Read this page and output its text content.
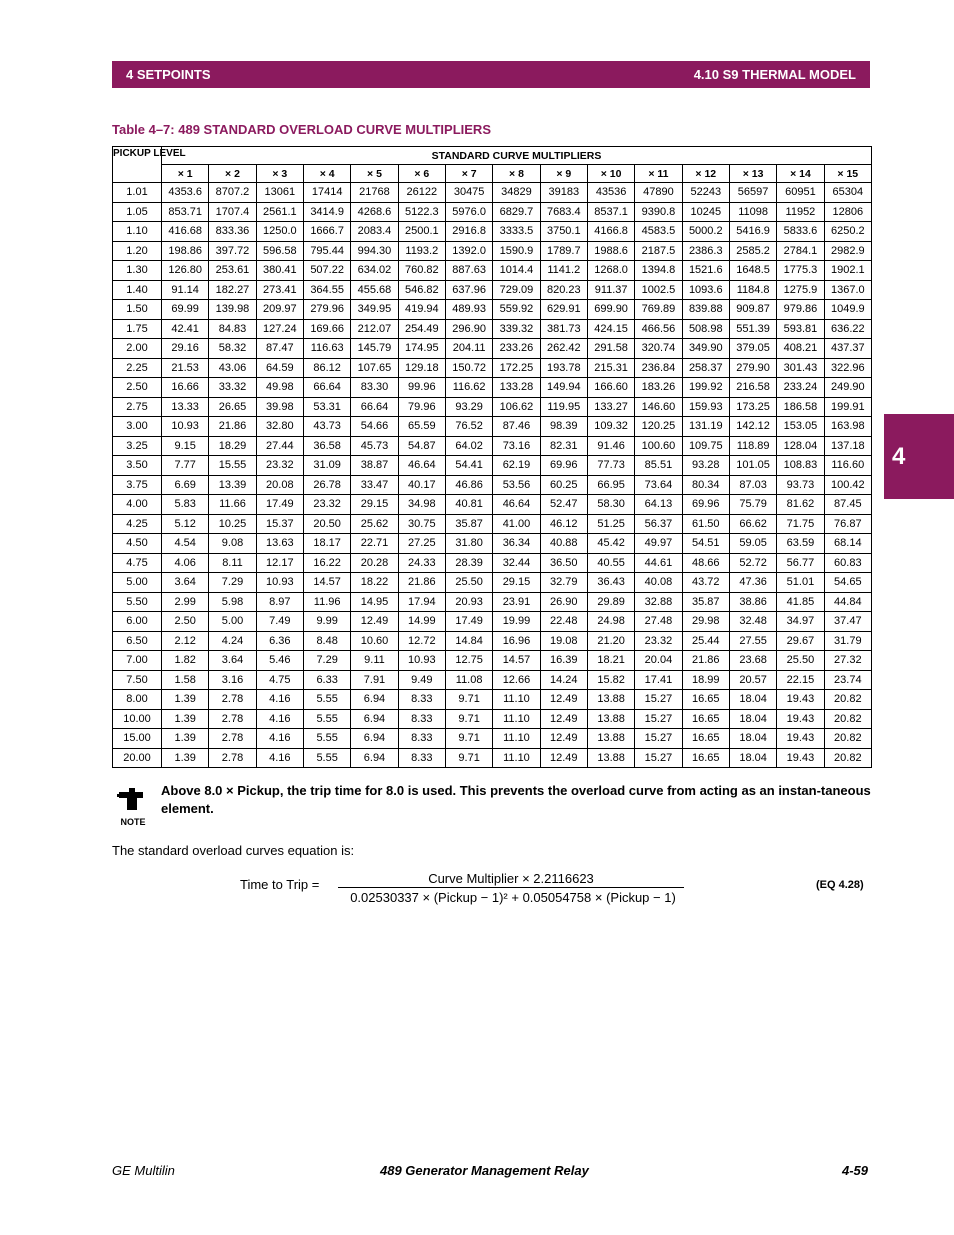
4 SETPOINTS	4.10 S9 THERMAL MODEL
4
Table 4–7: 489 STANDARD OVERLOAD CURVE MULTIPLIERS
PICKUP LEVEL	STANDARD CURVE MULTIPLIERS														
	× 1	× 2	× 3	× 4	× 5	× 6	× 7	× 8	× 9	× 10	× 11	× 12	× 13	× 14	× 15
1.01	4353.6	8707.2	13061	17414	21768	26122	30475	34829	39183	43536	47890	52243	56597	60951	65304
1.05	853.71	1707.4	2561.1	3414.9	4268.6	5122.3	5976.0	6829.7	7683.4	8537.1	9390.8	10245	11098	11952	12806
1.10	416.68	833.36	1250.0	1666.7	2083.4	2500.1	2916.8	3333.5	3750.1	4166.8	4583.5	5000.2	5416.9	5833.6	6250.2
1.20	198.86	397.72	596.58	795.44	994.30	1193.2	1392.0	1590.9	1789.7	1988.6	2187.5	2386.3	2585.2	2784.1	2982.9
1.30	126.80	253.61	380.41	507.22	634.02	760.82	887.63	1014.4	1141.2	1268.0	1394.8	1521.6	1648.5	1775.3	1902.1
1.40	91.14	182.27	273.41	364.55	455.68	546.82	637.96	729.09	820.23	911.37	1002.5	1093.6	1184.8	1275.9	1367.0
1.50	69.99	139.98	209.97	279.96	349.95	419.94	489.93	559.92	629.91	699.90	769.89	839.88	909.87	979.86	1049.9
1.75	42.41	84.83	127.24	169.66	212.07	254.49	296.90	339.32	381.73	424.15	466.56	508.98	551.39	593.81	636.22
2.00	29.16	58.32	87.47	116.63	145.79	174.95	204.11	233.26	262.42	291.58	320.74	349.90	379.05	408.21	437.37
2.25	21.53	43.06	64.59	86.12	107.65	129.18	150.72	172.25	193.78	215.31	236.84	258.37	279.90	301.43	322.96
2.50	16.66	33.32	49.98	66.64	83.30	99.96	116.62	133.28	149.94	166.60	183.26	199.92	216.58	233.24	249.90
2.75	13.33	26.65	39.98	53.31	66.64	79.96	93.29	106.62	119.95	133.27	146.60	159.93	173.25	186.58	199.91
3.00	10.93	21.86	32.80	43.73	54.66	65.59	76.52	87.46	98.39	109.32	120.25	131.19	142.12	153.05	163.98
3.25	9.15	18.29	27.44	36.58	45.73	54.87	64.02	73.16	82.31	91.46	100.60	109.75	118.89	128.04	137.18
3.50	7.77	15.55	23.32	31.09	38.87	46.64	54.41	62.19	69.96	77.73	85.51	93.28	101.05	108.83	116.60
3.75	6.69	13.39	20.08	26.78	33.47	40.17	46.86	53.56	60.25	66.95	73.64	80.34	87.03	93.73	100.42
4.00	5.83	11.66	17.49	23.32	29.15	34.98	40.81	46.64	52.47	58.30	64.13	69.96	75.79	81.62	87.45
4.25	5.12	10.25	15.37	20.50	25.62	30.75	35.87	41.00	46.12	51.25	56.37	61.50	66.62	71.75	76.87
4.50	4.54	9.08	13.63	18.17	22.71	27.25	31.80	36.34	40.88	45.42	49.97	54.51	59.05	63.59	68.14
4.75	4.06	8.11	12.17	16.22	20.28	24.33	28.39	32.44	36.50	40.55	44.61	48.66	52.72	56.77	60.83
5.00	3.64	7.29	10.93	14.57	18.22	21.86	25.50	29.15	32.79	36.43	40.08	43.72	47.36	51.01	54.65
5.50	2.99	5.98	8.97	11.96	14.95	17.94	20.93	23.91	26.90	29.89	32.88	35.87	38.86	41.85	44.84
6.00	2.50	5.00	7.49	9.99	12.49	14.99	17.49	19.99	22.48	24.98	27.48	29.98	32.48	34.97	37.47
6.50	2.12	4.24	6.36	8.48	10.60	12.72	14.84	16.96	19.08	21.20	23.32	25.44	27.55	29.67	31.79
7.00	1.82	3.64	5.46	7.29	9.11	10.93	12.75	14.57	16.39	18.21	20.04	21.86	23.68	25.50	27.32
7.50	1.58	3.16	4.75	6.33	7.91	9.49	11.08	12.66	14.24	15.82	17.41	18.99	20.57	22.15	23.74
8.00	1.39	2.78	4.16	5.55	6.94	8.33	9.71	11.10	12.49	13.88	15.27	16.65	18.04	19.43	20.82
10.00	1.39	2.78	4.16	5.55	6.94	8.33	9.71	11.10	12.49	13.88	15.27	16.65	18.04	19.43	20.82
15.00	1.39	2.78	4.16	5.55	6.94	8.33	9.71	11.10	12.49	13.88	15.27	16.65	18.04	19.43	20.82
20.00	1.39	2.78	4.16	5.55	6.94	8.33	9.71	11.10	12.49	13.88	15.27	16.65	18.04	19.43	20.82
NOTE
Above 8.0 × Pickup, the trip time for 8.0 is used. This prevents the overload curve from acting as an instan-taneous element.
The standard overload curves equation is:
Time to Trip =	Curve Multiplier × 2.2116623
0.02530337 × (Pickup − 1)² + 0.05054758 × (Pickup − 1)
(EQ 4.28)
GE Multilin	489 Generator Management Relay	4-59
